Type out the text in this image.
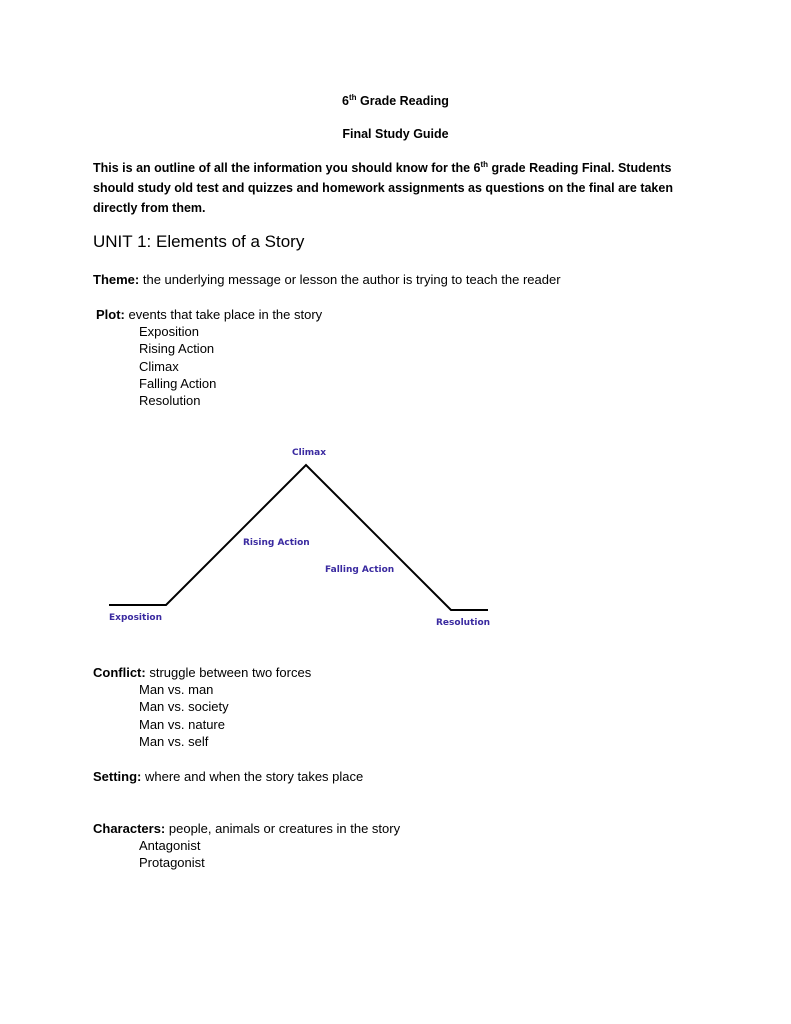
6th Grade Reading
Final Study Guide
This is an outline of all the information you should know for the 6th grade Reading Final. Students
should study old test and quizzes and homework assignments as questions on the final are taken
directly from them.
UNIT 1: Elements of a Story
Theme: the underlying message or lesson the author is trying to teach the reader
Plot: events that take place in the story
Exposition
Rising Action
Climax
Falling Action
Resolution
Climax
Rising Action
Falling Action
Exposition	Resolution
Conflict: struggle between two forces
Man vs. man
Man vs. society
Man vs. nature
Man vs. self
Setting: where and when the story takes place
Characters: people, animals or creatures in the story
Antagonist
Protagonist
